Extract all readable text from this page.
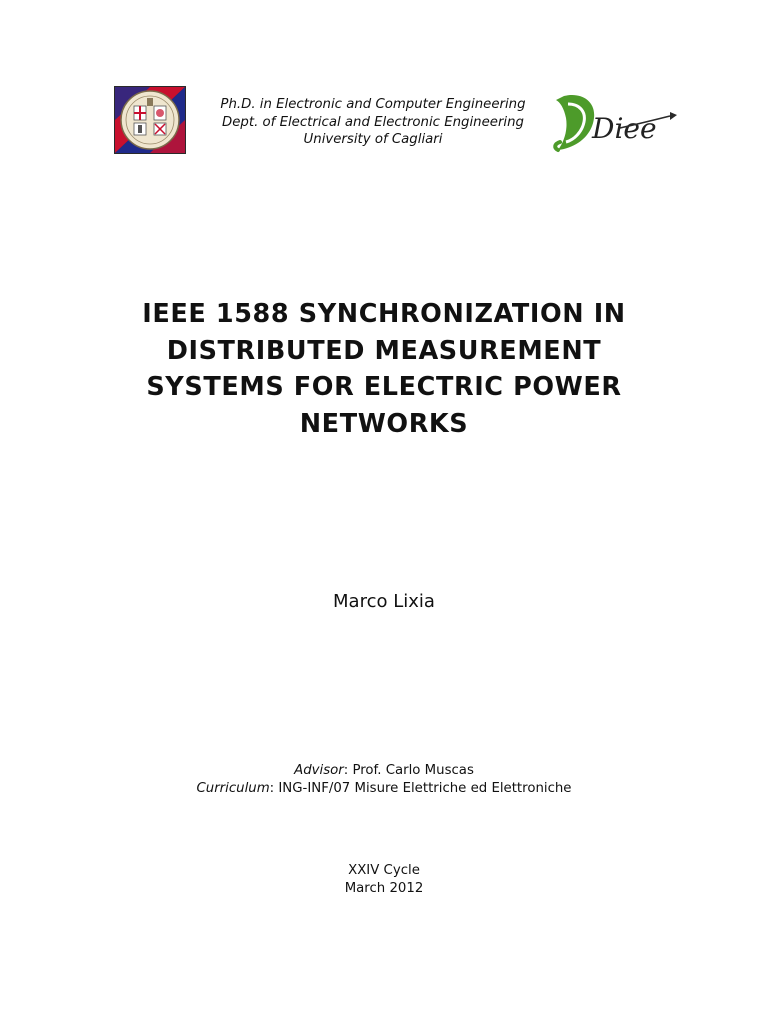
Ph.D. in Electronic and Computer Engineering
Dept. of Electrical and Electronic Engineering
University of Cagliari	Diee
IEEE 1588 SYNCHRONIZATION IN
DISTRIBUTED MEASUREMENT
SYSTEMS FOR ELECTRIC POWER
NETWORKS
Marco Lixia
Advisor: Prof. Carlo Muscas
Curriculum: ING-INF/07 Misure Elettriche ed Elettroniche
XXIV Cycle
March 2012
